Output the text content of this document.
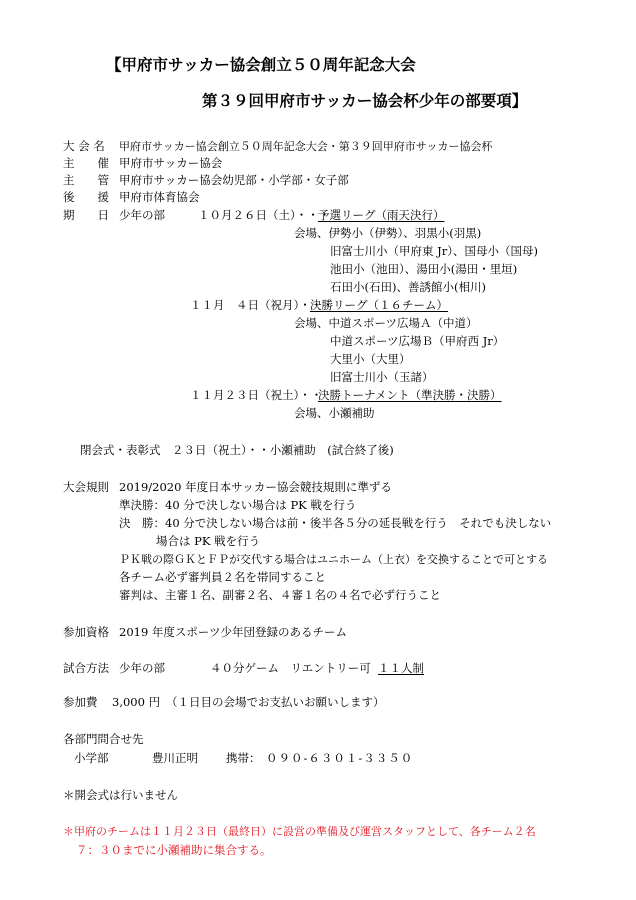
【甲府市サッカー協会創立５０周年記念大会
第３９回甲府市サッカー協会杯少年の部要項】
大 会 名 甲府市サッカー協会創立５０周年記念大会・第３９回甲府市サッカー協会杯
主　　催 甲府市サッカー協会
主　　管 甲府市サッカー協会幼児部・小学部・女子部
後　　援 甲府市体育協会
期　　日 少年の部	１０月２６日（土）・・・
予選リーグ（雨天決行）
会場、伊勢小（伊勢）、羽黒小(羽黒)
旧富士川小（甲府東 Jr）、国母小（国母)
池田小（池田）、湯田小(湯田・里垣)
石田小(石田)、善誘館小(相川)
１１月　４日（祝月）・・・
決勝リーグ（１６チーム）
会場、中道スポーツ広場Ａ（中道）
中道スポーツ広場Ｂ（甲府西 Jr）
大里小（大里）
旧富士川小（玉諸）
１１月２３日（祝土）・・
決勝トーナメント（準決勝・決勝）
会場、小瀬補助
閉会式・表彰式　２３日（祝土）・・小瀬補助　(試合終了後)
大会規則 2019/2020 年度日本サッカー協会競技規則に準ずる
準決勝：40 分で決しない場合は PK 戦を行う
決　勝：40 分で決しない場合は前・後半各５分の延長戦を行う　それでも決しない
場合は PK 戦を行う
ＰＫ戦の際ＧＫとＦＰが交代する場合はユニホーム（上衣）を交換することで可とする
各チーム必ず審判員２名を帯同すること
審判は、主審１名、副審２名、４審１名の４名で必ず行うこと
参加資格 2019 年度スポーツ少年団登録のあるチーム
試合方法 少年の部	４０分ゲーム　リエントリー可 １１人制
参加費 3,000 円 （１日目の会場でお支払いお願いします）
各部門問合せ先
小学部	豊川正明 携帯： ０９０-６３０１-３３５０
＊開会式は行いません
＊甲府のチームは１１月２３日（最終日）に設営の準備及び運営スタッフとして、各チーム２名
７：３０までに小瀬補助に集合する。
